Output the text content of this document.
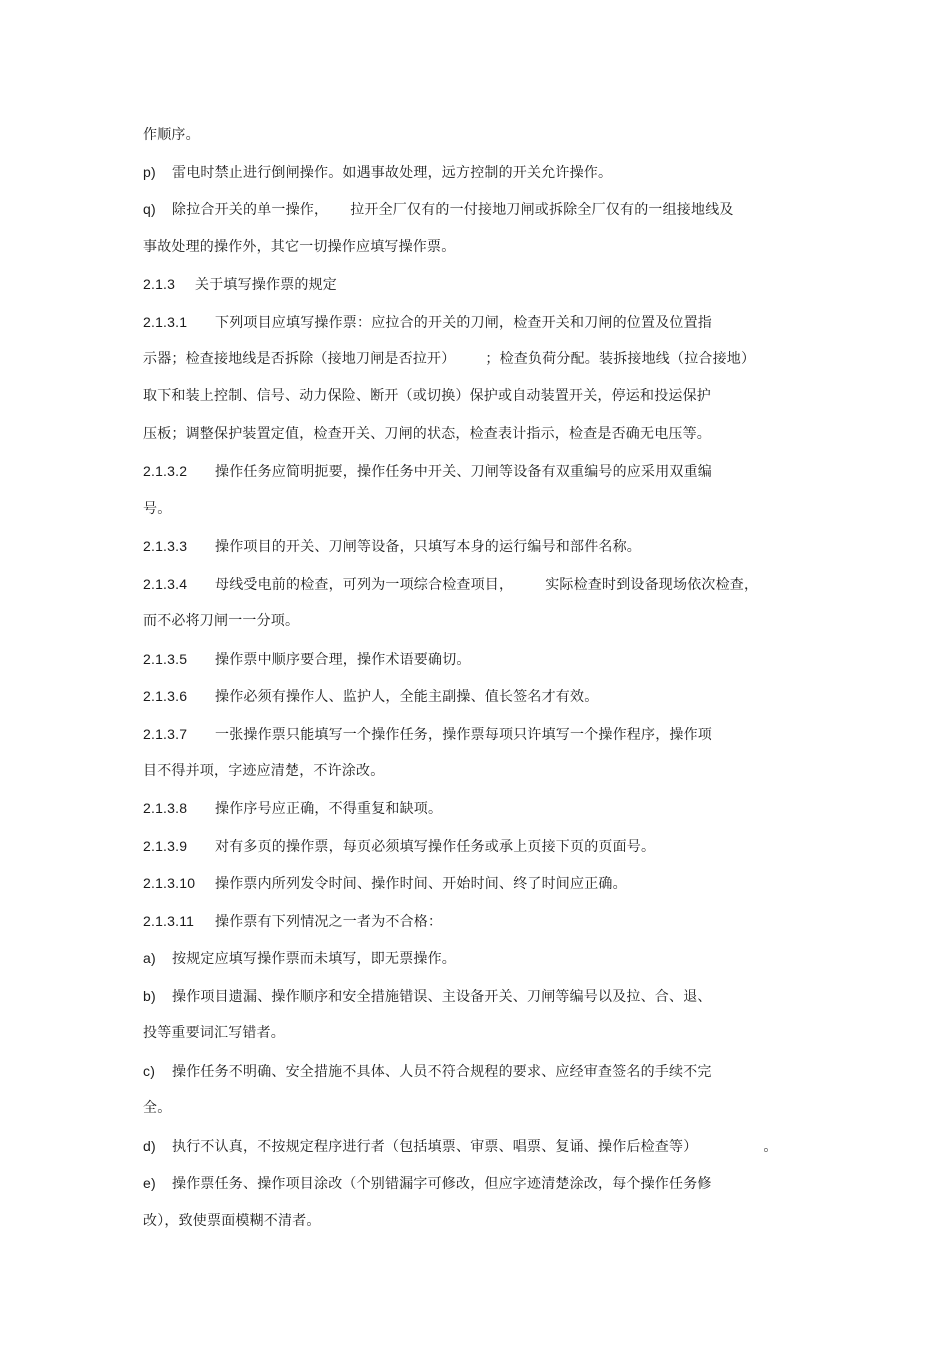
作顺序。
p) 雷电时禁止进行倒闸操作。如遇事故处理，远方控制的开关允许操作。
q) 除拉合开关的单一操作， 拉开全厂仅有的一付接地刀闸或拆除全厂仅有的一组接地线及
事故处理的操作外，其它一切操作应填写操作票。
2.1.3 关于填写操作票的规定
2.1.3.1 下列项目应填写操作票：应拉合的开关的刀闸，检查开关和刀闸的位置及位置指
示器；检查接地线是否拆除（接地刀闸是否拉开） ；检查负荷分配。装拆接地线（拉合接地）
取下和装上控制、信号、动力保险、断开（或切换）保护或自动装置开关，停运和投运保护
压板；调整保护装置定值，检查开关、刀闸的状态，检查表计指示，检查是否确无电压等。
2.1.3.2 操作任务应简明扼要，操作任务中开关、刀闸等设备有双重编号的应采用双重编
号。
2.1.3.3 操作项目的开关、刀闸等设备，只填写本身的运行编号和部件名称。
2.1.3.4 母线受电前的检查，可列为一项综合检查项目， 实际检查时到设备现场依次检查，
而不必将刀闸一一分项。
2.1.3.5 操作票中顺序要合理，操作术语要确切。
2.1.3.6 操作必须有操作人、监护人，全能主副操、值长签名才有效。
2.1.3.7 一张操作票只能填写一个操作任务，操作票每项只许填写一个操作程序，操作项
目不得并项，字迹应清楚，不许涂改。
2.1.3.8 操作序号应正确，不得重复和缺项。
2.1.3.9 对有多页的操作票，每页必须填写操作任务或承上页接下页的页面号。
2.1.3.10 操作票内所列发令时间、操作时间、开始时间、终了时间应正确。
2.1.3.11 操作票有下列情况之一者为不合格：
a) 按规定应填写操作票而未填写，即无票操作。
b) 操作项目遗漏、操作顺序和安全措施错误、主设备开关、刀闸等编号以及拉、合、退、
投等重要词汇写错者。
c) 操作任务不明确、安全措施不具体、人员不符合规程的要求、应经审查签名的手续不完
全。
d) 执行不认真，不按规定程序进行者（包括填票、审票、唱票、复诵、操作后检查等）	。
e) 操作票任务、操作项目涂改（个别错漏字可修改，但应字迹清楚涂改，每个操作任务修
改），致使票面模糊不清者。
